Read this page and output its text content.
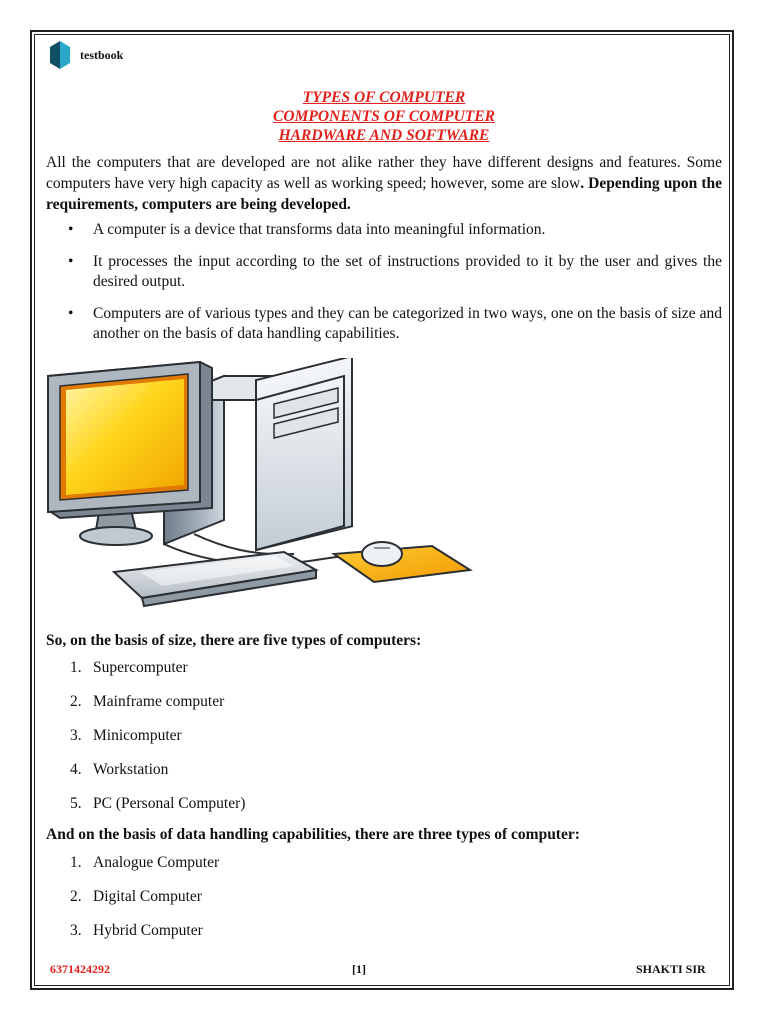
testbook
TYPES OF COMPUTER
COMPONENTS OF COMPUTER
HARDWARE AND SOFTWARE

All the computers that are developed are not alike rather they have different designs and features. Some computers have very high capacity as well as working speed; however, some are slow. Depending upon the requirements, computers are being developed.

• A computer is a device that transforms data into meaningful information.
• It processes the input according to the set of instructions provided to it by the user and gives the desired output.
• Computers are of various types and they can be categorized in two ways, one on the basis of size and another on the basis of data handling capabilities.

So, on the basis of size, there are five types of computers:

1. Supercomputer
2. Mainframe computer
3. Minicomputer
4. Workstation
5. PC (Personal Computer)

And on the basis of data handling capabilities, there are three types of computer:

1. Analogue Computer
2. Digital Computer
3. Hybrid Computer
6371424292	[1]	SHAKTI SIR
